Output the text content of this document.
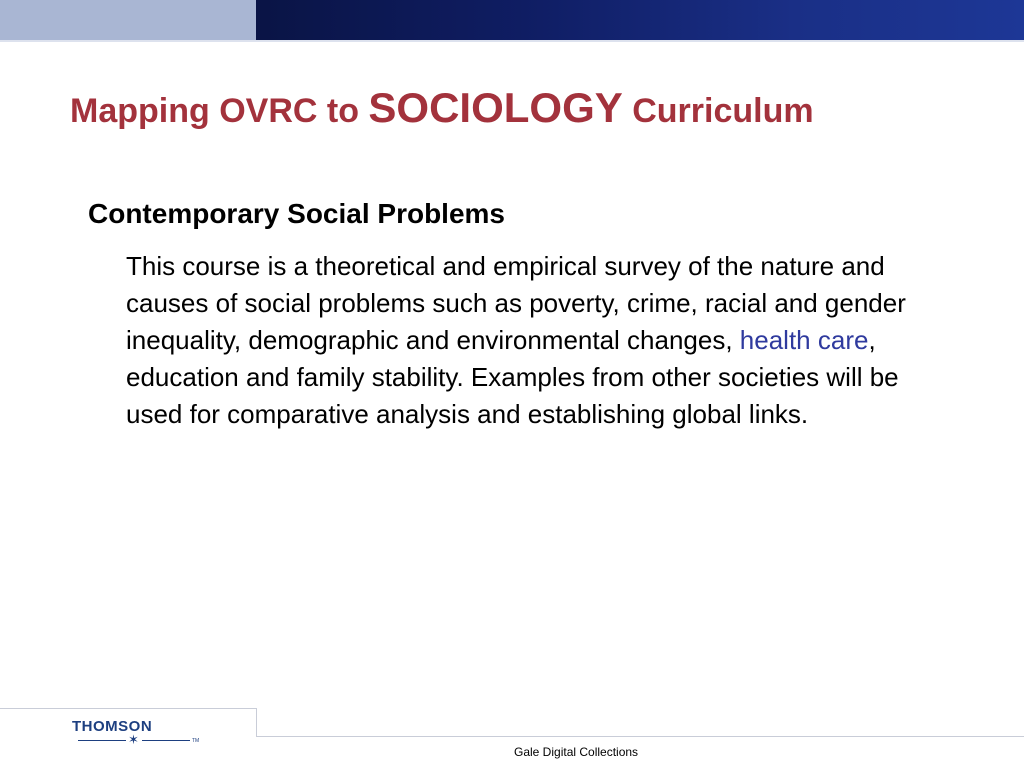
Mapping OVRC to SOCIOLOGY Curriculum
Contemporary Social Problems

This course is a theoretical and empirical survey of the nature and causes of social problems such as poverty, crime, racial and gender inequality, demographic and environmental changes, health care, education and family stability. Examples from other societies will be used for comparative analysis and establishing global links.

THOMSON
✶	TM
Gale Digital Collections
